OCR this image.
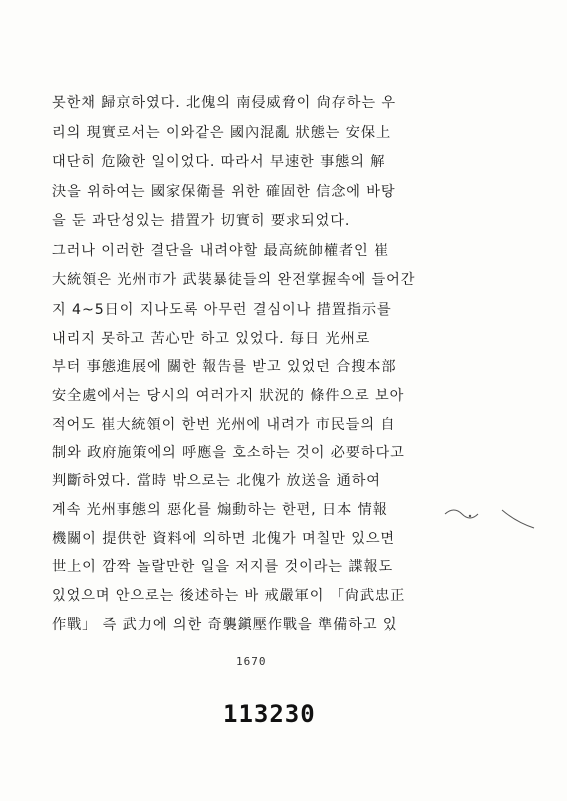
못한채 歸京하였다. 北傀의 南侵威脅이 尙存하는 우
리의 現實로서는 이와같은 國內混亂 狀態는 安保上
대단히 危險한 일이었다. 따라서 早速한 事態의 解
決을 위하여는 國家保衛를 위한 確固한 信念에 바탕
을 둔 과단성있는 措置가 切實히 要求되었다.
그러나 이러한 결단을 내려야할 最高統帥權者인 崔
大統領은 光州市가 武裝暴徒들의 완전掌握속에 들어간
지 4~5日이 지나도록 아무런 결심이나 措置指示를
내리지 못하고 苦心만 하고 있었다. 每日 光州로
부터 事態進展에 關한 報告를 받고 있었던 合搜本部
安全處에서는 당시의 여러가지 狀況的 條件으로 보아
적어도 崔大統領이 한번 光州에 내려가 市民들의 自
制와 政府施策에의 呼應을 호소하는 것이 必要하다고
判斷하였다. 當時 밖으로는 北傀가 放送을 通하여
계속 光州事態의 惡化를 煽動하는 한편, 日本 情報
機關이 提供한 資料에 의하면 北傀가 며칠만 있으면
世上이 깜짝 놀랄만한 일을 저지를 것이라는 諜報도
있었으며 안으로는 後述하는 바 戒嚴軍이 「尙武忠正
作戰」 즉 武力에 의한 奇襲鎭壓作戰을 準備하고 있
1670
113230
